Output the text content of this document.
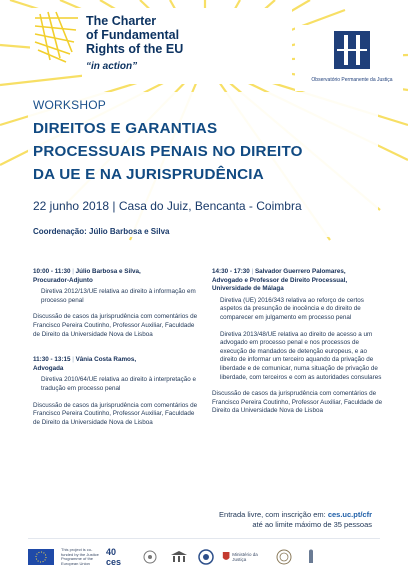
The Charter
of Fundamental
Rights of the EU
“in action”
Observatório Permanente da Justiça
WORKSHOP
DIREITOS E GARANTIAS
PROCESSUAIS PENAIS NO DIREITO
DA UE E NA JURISPRUDÊNCIA
22 junho 2018 | Casa do Juiz, Bencanta - Coimbra
Coordenação: Júlio Barbosa e Silva
10:00 - 11:30 | Júlio Barbosa e Silva,
Procurador-Adjunto
Diretiva 2012/13/UE relativa ao direito à informação em processo penal
Discussão de casos da jurisprudência com comentários de Francisco Pereira Coutinho, Professor Auxiliar, Faculdade de Direito da Universidade Nova de Lisboa
11:30 - 13:15 | Vânia Costa Ramos,
Advogada
Diretiva 2010/64/UE relativa ao direito à interpretação e tradução em processo penal
Discussão de casos da jurisprudência com comentários de Francisco Pereira Coutinho, Professor Auxiliar, Faculdade de Direito da Universidade Nova de Lisboa
14:30 - 17:30 | Salvador Guerrero Palomares,
Advogado e Professor de Direito Processual, Universidade de Málaga
Diretiva (UE) 2016/343 relativa ao reforço de certos aspetos da presunção de inocência e do direito de comparecer em julgamento em processo penal
Diretiva 2013/48/UE relativa ao direito de acesso a um advogado em processo penal e nos processos de execução de mandados de detenção europeus, e ao direito de informar um terceiro aquando da privação de liberdade e de comunicar, numa situação de privação de liberdade, com terceiros e com as autoridades consulares
Discussão de casos da jurisprudência com comentários de Francisco Pereira Coutinho, Professor Auxiliar, Faculdade de Direito da Universidade Nova de Lisboa
Entrada livre, com inscrição em: ces.uc.pt/cfr
até ao limite máximo de 35 pessoas
This project is co-funded by the Justice Programme of the European Union
40 ces
Ministério da Justiça
